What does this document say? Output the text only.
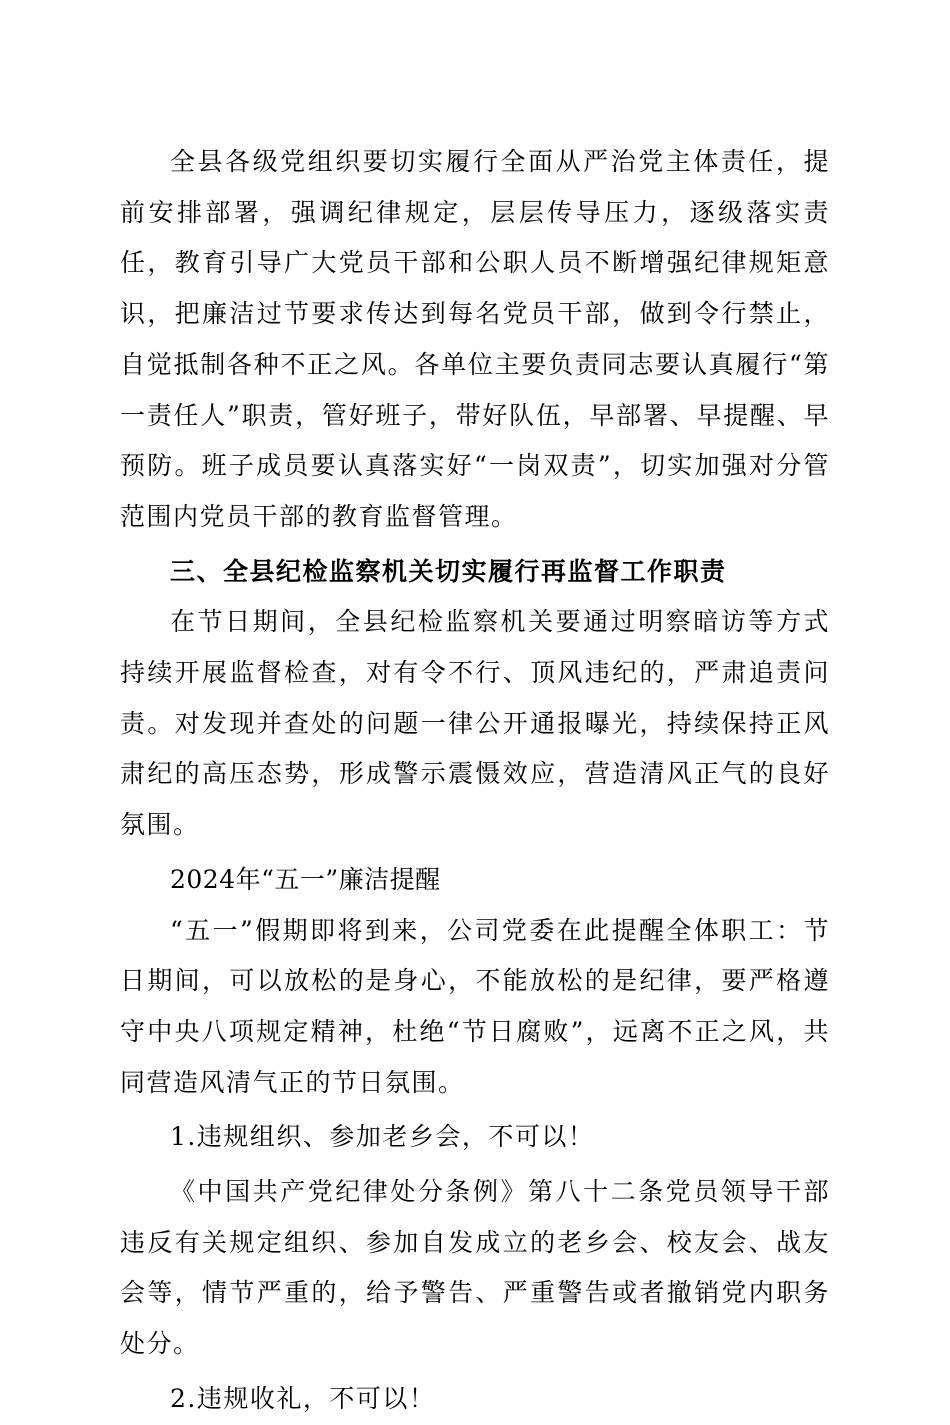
全县各级党组织要切实履行全面从严治党主体责任，提前安排部署，强调纪律规定，层层传导压力，逐级落实责任，教育引导广大党员干部和公职人员不断增强纪律规矩意识，把廉洁过节要求传达到每名党员干部，做到令行禁止，自觉抵制各种不正之风。各单位主要负责同志要认真履行“第一责任人”职责，管好班子，带好队伍，早部署、早提醒、早预防。班子成员要认真落实好“一岗双责”，切实加强对分管范围内党员干部的教育监督管理。

三、全县纪检监察机关切实履行再监督工作职责

在节日期间，全县纪检监察机关要通过明察暗访等方式持续开展监督检查，对有令不行、顶风违纪的，严肃追责问责。对发现并查处的问题一律公开通报曝光，持续保持正风肃纪的高压态势，形成警示震慑效应，营造清风正气的良好氛围。

2024年“五一”廉洁提醒

“五一”假期即将到来，公司党委在此提醒全体职工：节日期间，可以放松的是身心，不能放松的是纪律，要严格遵守中央八项规定精神，杜绝“节日腐败”，远离不正之风，共同营造风清气正的节日氛围。

1.违规组织、参加老乡会，不可以！

《中国共产党纪律处分条例》第八十二条党员领导干部违反有关规定组织、参加自发成立的老乡会、校友会、战友会等，情节严重的，给予警告、严重警告或者撤销党内职务处分。

2.违规收礼，不可以！
